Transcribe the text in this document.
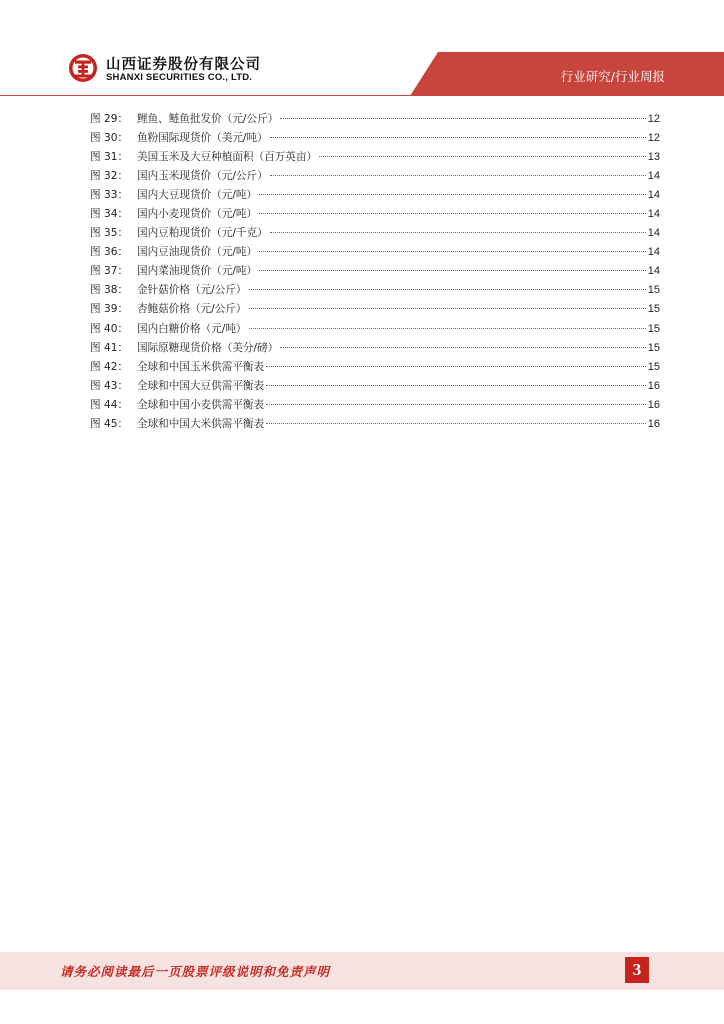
山西证券股份有限公司
SHANXI SECURITIES CO., LTD.	行业研究/行业周报
图 29： 鲤鱼、鲢鱼批发价（元/公斤）	12
图 30： 鱼粉国际现货价（美元/吨）	12
图 31： 美国玉米及大豆种植面积（百万英亩）	13
图 32： 国内玉米现货价（元/公斤）	14
图 33： 国内大豆现货价（元/吨）	14
图 34： 国内小麦现货价（元/吨）	14
图 35： 国内豆粕现货价（元/千克）	14
图 36： 国内豆油现货价（元/吨）	14
图 37： 国内菜油现货价（元/吨）	14
图 38： 金针菇价格（元/公斤）	15
图 39： 杏鲍菇价格（元/公斤）	15
图 40： 国内白糖价格（元/吨）	15
图 41： 国际原糖现货价格（美分/磅）	15
图 42： 全球和中国玉米供需平衡表	15
图 43： 全球和中国大豆供需平衡表	16
图 44： 全球和中国小麦供需平衡表	16
图 45： 全球和中国大米供需平衡表	16
请务必阅读最后一页股票评级说明和免责声明	3
